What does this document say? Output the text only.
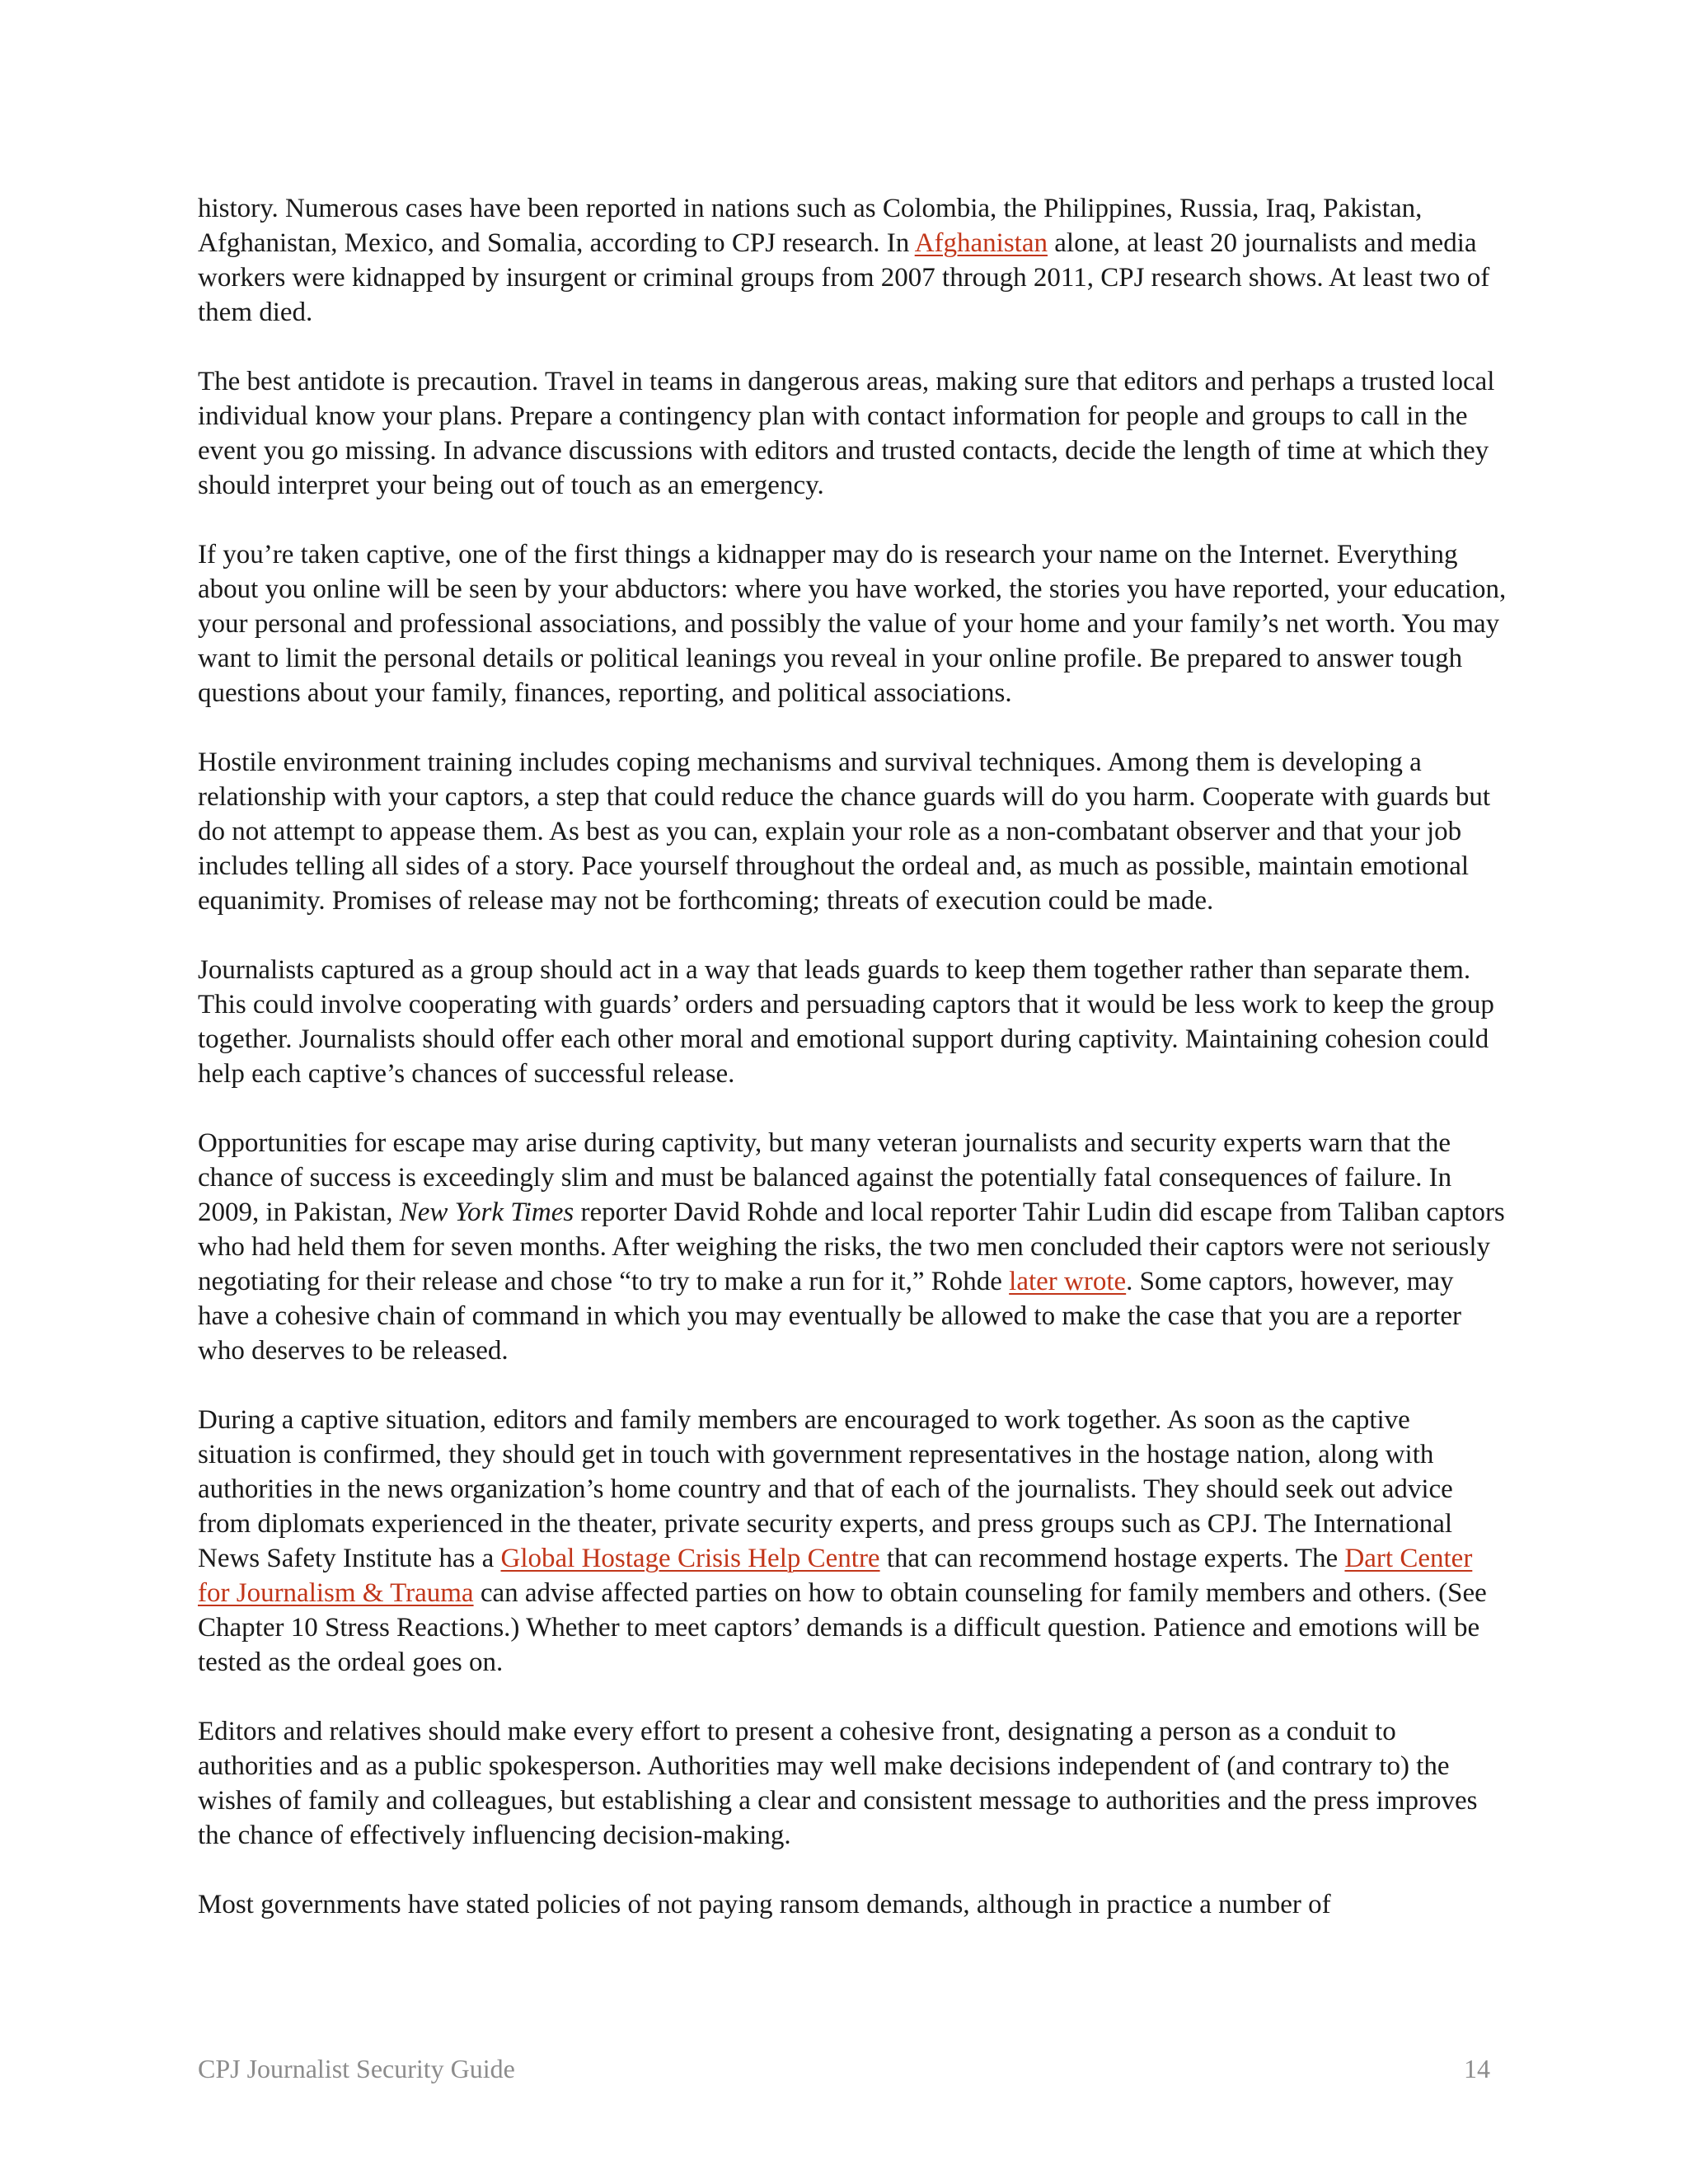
history. Numerous cases have been reported in nations such as Colombia, the Philippines, Russia, Iraq, Pakistan, Afghanistan, Mexico, and Somalia, according to CPJ research. In Afghanistan alone, at least 20 journalists and media workers were kidnapped by insurgent or criminal groups from 2007 through 2011, CPJ research shows. At least two of them died.

The best antidote is precaution. Travel in teams in dangerous areas, making sure that editors and perhaps a trusted local individual know your plans. Prepare a contingency plan with contact information for people and groups to call in the event you go missing. In advance discussions with editors and trusted contacts, decide the length of time at which they should interpret your being out of touch as an emergency.

If you’re taken captive, one of the first things a kidnapper may do is research your name on the Internet. Everything about you online will be seen by your abductors: where you have worked, the stories you have reported, your education, your personal and professional associations, and possibly the value of your home and your family’s net worth. You may want to limit the personal details or political leanings you reveal in your online profile. Be prepared to answer tough questions about your family, finances, reporting, and political associations.

Hostile environment training includes coping mechanisms and survival techniques. Among them is developing a relationship with your captors, a step that could reduce the chance guards will do you harm. Cooperate with guards but do not attempt to appease them. As best as you can, explain your role as a non-combatant observer and that your job includes telling all sides of a story. Pace yourself throughout the ordeal and, as much as possible, maintain emotional equanimity. Promises of release may not be forthcoming; threats of execution could be made.

Journalists captured as a group should act in a way that leads guards to keep them together rather than separate them. This could involve cooperating with guards’ orders and persuading captors that it would be less work to keep the group together. Journalists should offer each other moral and emotional support during captivity. Maintaining cohesion could help each captive’s chances of successful release.

Opportunities for escape may arise during captivity, but many veteran journalists and security experts warn that the chance of success is exceedingly slim and must be balanced against the potentially fatal consequences of failure. In 2009, in Pakistan, New York Times reporter David Rohde and local reporter Tahir Ludin did escape from Taliban captors who had held them for seven months. After weighing the risks, the two men concluded their captors were not seriously negotiating for their release and chose “to try to make a run for it,” Rohde later wrote. Some captors, however, may have a cohesive chain of command in which you may eventually be allowed to make the case that you are a reporter who deserves to be released.

During a captive situation, editors and family members are encouraged to work together. As soon as the captive situation is confirmed, they should get in touch with government representatives in the hostage nation, along with authorities in the news organization’s home country and that of each of the journalists. They should seek out advice from diplomats experienced in the theater, private security experts, and press groups such as CPJ. The International News Safety Institute has a Global Hostage Crisis Help Centre that can recommend hostage experts. The Dart Center for Journalism & Trauma can advise affected parties on how to obtain counseling for family members and others. (See Chapter 10 Stress Reactions.) Whether to meet captors’ demands is a difficult question. Patience and emotions will be tested as the ordeal goes on.

Editors and relatives should make every effort to present a cohesive front, designating a person as a conduit to authorities and as a public spokesperson. Authorities may well make decisions independent of (and contrary to) the wishes of family and colleagues, but establishing a clear and consistent message to authorities and the press improves the chance of effectively influencing decision-making.

Most governments have stated policies of not paying ransom demands, although in practice a number of

CPJ Journalist Security Guide	14
